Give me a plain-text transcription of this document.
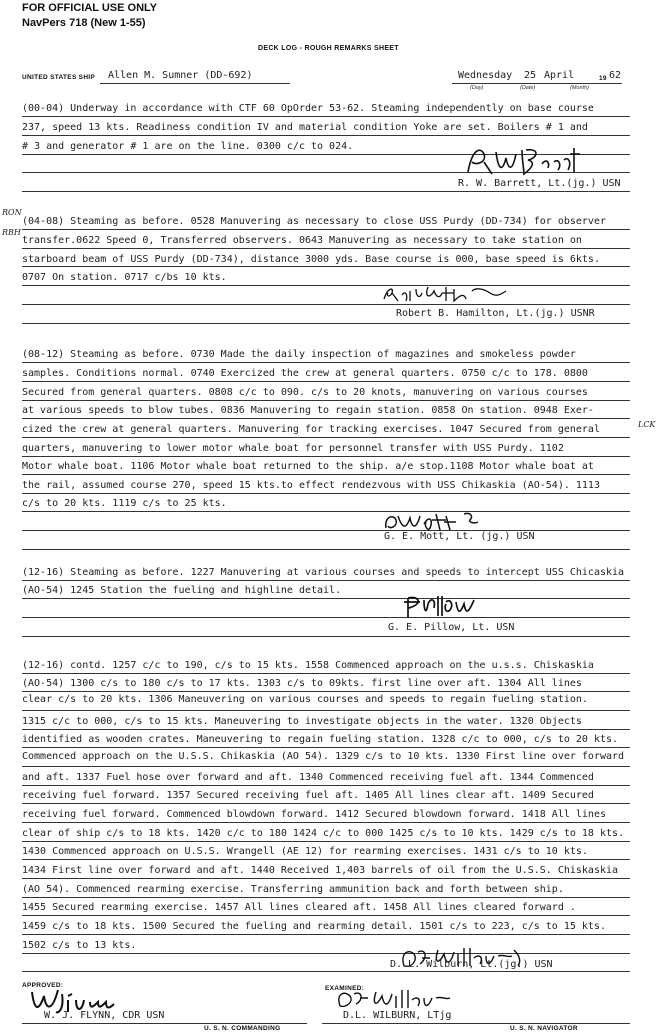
FOR OFFICIAL USE ONLY
NavPers 718 (New 1-55)
DECK LOG - ROUGH REMARKS SHEET
UNITED STATES SHIP Allen M. Sumner (DD-692)	Wednesday 25 April	19 62
(Day)	(Date)	(Month)
(00-04) Underway in accordance with CTF 60 OpOrder 53-62. Steaming independently on base course
237, speed 13 kts. Readiness condition IV and material condition Yoke are set. Boilers # 1 and
# 3 and generator # 1 are on the line. 0300 c/c to 024.
R. W. Barrett, Lt.(jg.) USN
RON
RBH
(04-08) Steaming as before. 0528 Manuvering as necessary to close USS Purdy (DD-734) for observer
transfer.0622 Speed 0, Transferred observers. 0643 Manuvering as necessary to take station on
starboard beam of USS Purdy (DD-734), distance 3000 yds. Base course is 000, base speed is 6kts.
0707 On station. 0717 c/bs 10 kts.
Robert B. Hamilton, Lt.(jg.) USNR
LCK
(08-12) Steaming as before. 0730 Made the daily inspection of magazines and smokeless powder
samples. Conditions normal. 0740 Exercized the crew at general quarters. 0750 c/c to 178. 0800
Secured from general quarters. 0808 c/c to 090. c/s to 20 knots, manuvering on various courses
at various speeds to blow tubes. 0836 Manuvering to regain station. 0858 On station. 0948 Exer-
cized the crew at general quarters. Manuvering for tracking exercises. 1047 Secured from general
quarters, manuvering to lower motor whale boat for personnel transfer with USS Purdy. 1102
Motor whale boat. 1106 Motor whale boat returned to the ship. a/e stop.1108 Motor whale boat at
the rail, assumed course 270, speed 15 kts.to effect rendezvous with USS Chikaskia (AO-54). 1113
c/s to 20 kts. 1119 c/s to 25 kts.
G. E. Mott, Lt. (jg.) USN
(12-16) Steaming as before. 1227 Manuvering at various courses and speeds to intercept USS Chicaskia
(AO-54) 1245 Station the fueling and highline detail.
G. E. Pillow, Lt. USN
(12-16) contd. 1257 c/c to 190, c/s to 15 kts. 1558 Commenced approach on the u.s.s. Chiskaskia
(AO-54) 1300 c/s to 180 c/s to 17 kts. 1303 c/s to 09kts. first line over aft. 1304 All lines
clear c/s to 20 kts. 1306 Maneuvering on various courses and speeds to regain fueling station.
1315 c/c to 000, c/s to 15 kts. Maneuvering to investigate objects in the water. 1320 Objects
identified as wooden crates. Maneuvering to regain fueling station. 1328 c/c to 000, c/s to 20 kts.
Commenced approach on the U.S.S. Chikaskia (AO 54). 1329 c/s to 10 kts. 1330 First line over forward
and aft. 1337 Fuel hose over forward and aft. 1340 Commenced receiving fuel aft. 1344 Commenced
receiving fuel forward. 1357 Secured receiving fuel aft. 1405 All lines clear aft. 1409 Secured
receiving fuel forward. Commenced blowdown forward. 1412 Secured blowdown forward. 1418 All lines
clear of ship c/s to 18 kts. 1420 c/c to 180 1424 c/c to 000 1425 c/s to 10 kts. 1429 c/s to 18 kts.
1430 Commenced approach on U.S.S. Wrangell (AE 12) for rearming exercises. 1431 c/s to 10 kts.
1434 First line over forward and aft. 1440 Received 1,403 barrels of oil from the U.S.S. Chiskaskia
(AO 54). Commenced rearming exercise. Transferring ammunition back and forth between ship.
1455 Secured rearming exercise. 1457 All lines cleared aft. 1458 All lines cleared forward .
1459 c/s to 18 kts. 1500 Secured the fueling and rearming detail. 1501 c/s to 223, c/s to 15 kts.
1502 c/s to 13 kts.
D. L. Wilburn, Lt.(jg.) USN
APPROVED:
W. J. FLYNN, CDR USN
U. S. N. COMMANDING
EXAMINED:
D.L. WILBURN, LTjg
U. S. N. NAVIGATOR
